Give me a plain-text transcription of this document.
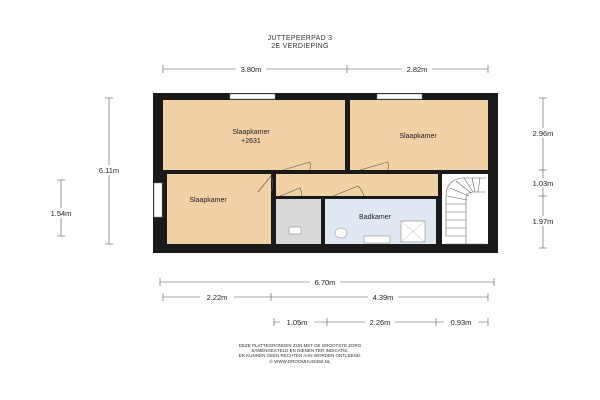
JUTTEPEERPAD 3
2E VERDIEPING
Slaapkamer
+2631
Slaapkamer
Slaapkamer
Badkamer
3.80m	2.82m
6.11m
1.54m
2.96m
1.03m
1.97m
6.70m
2.22m	4.39m
1.05m	2.26m	0.93m
DEZE PLATTEGRONDEN ZIJN MET DE GROOTSTE ZORG
SAMENGESTELD EN DIENEN TER INDICATIE.
ER KUNNEN GEEN RECHTEN AAN WORDEN ONTLEEND.
© WWW.DROOMHUIS360.NL
